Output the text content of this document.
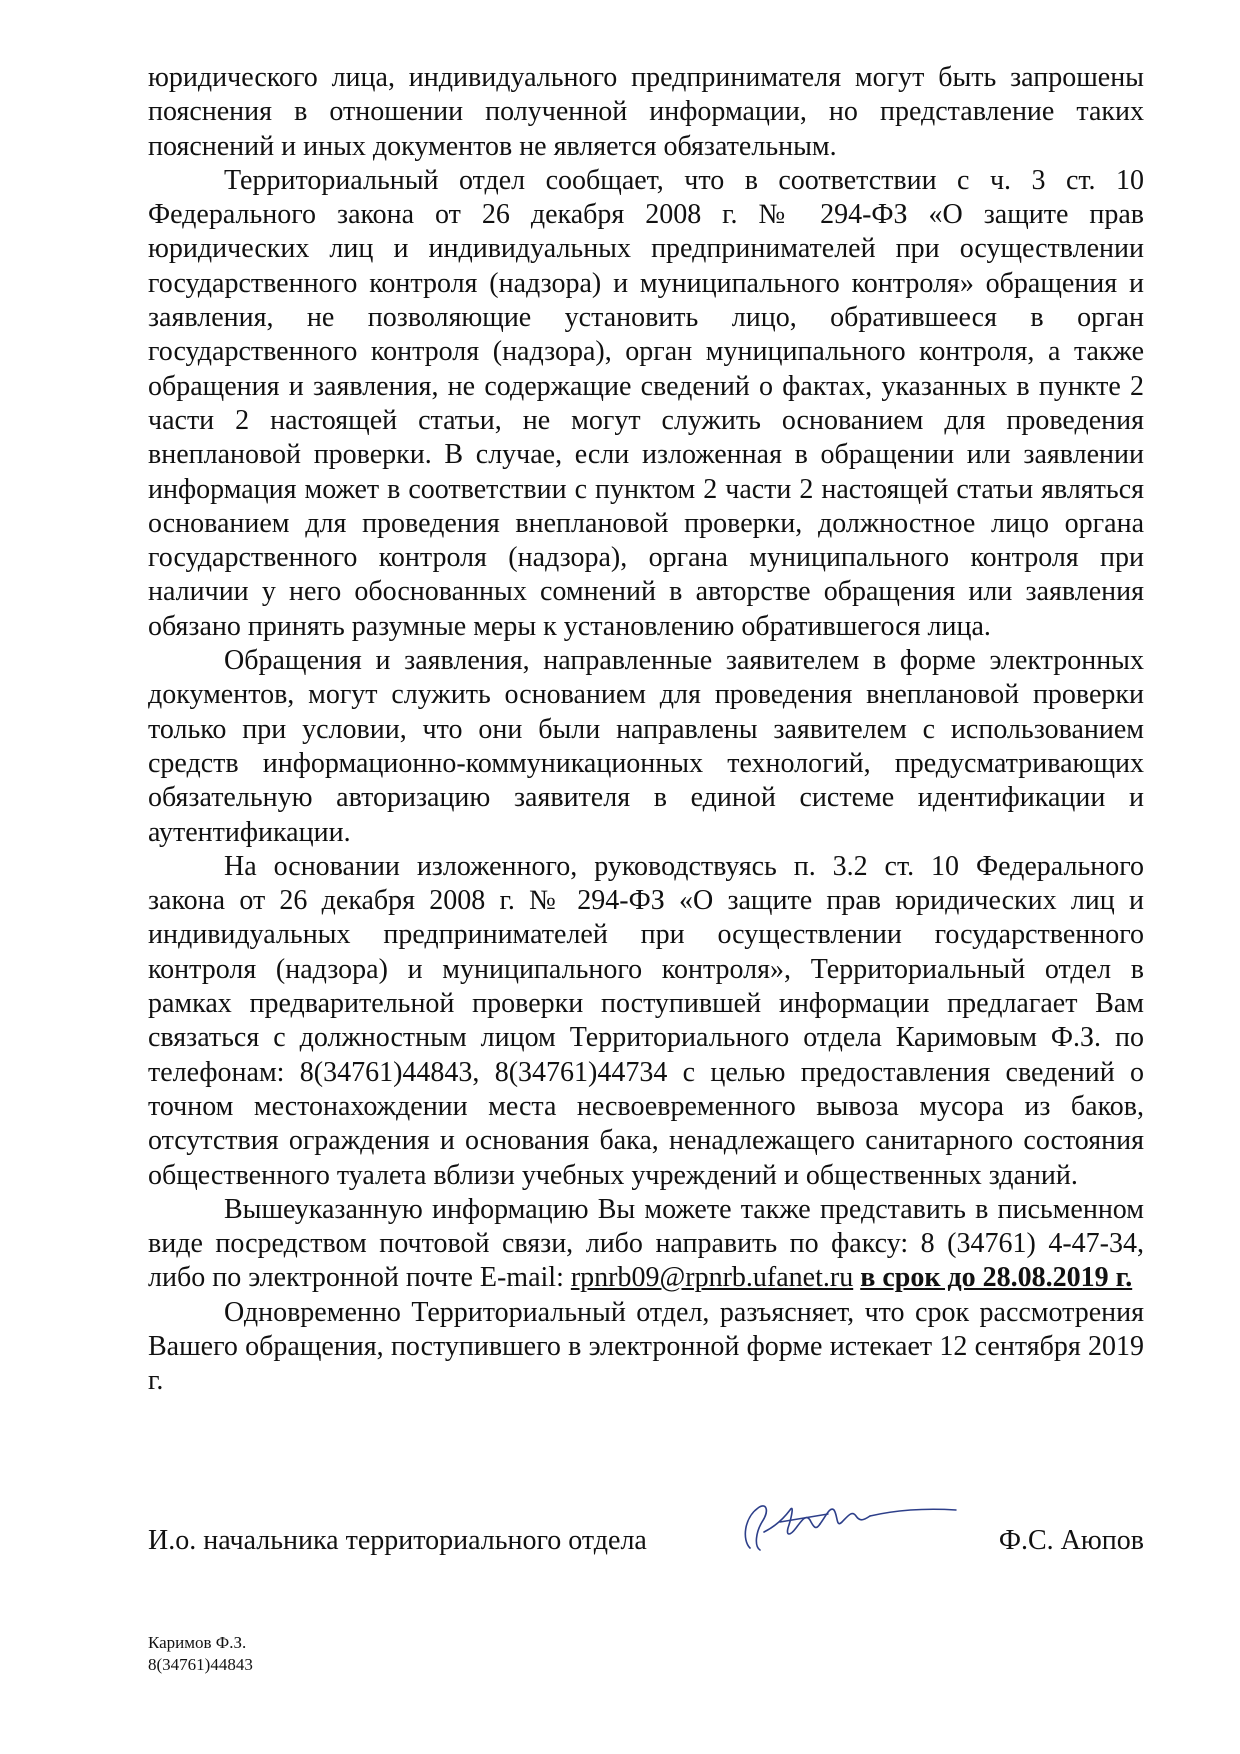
юридического лица, индивидуального предпринимателя могут быть запрошены пояснения в отношении полученной информации, но представление таких пояснений и иных документов не является обязательным.

Территориальный отдел сообщает, что в соответствии с ч. 3 ст. 10 Федерального закона от 26 декабря 2008 г. № 294-ФЗ «О защите прав юридических лиц и индивидуальных предпринимателей при осуществлении государственного контроля (надзора) и муниципального контроля» обращения и заявления, не позволяющие установить лицо, обратившееся в орган государственного контроля (надзора), орган муниципального контроля, а также обращения и заявления, не содержащие сведений о фактах, указанных в пункте 2 части 2 настоящей статьи, не могут служить основанием для проведения внеплановой проверки. В случае, если изложенная в обращении или заявлении информация может в соответствии с пунктом 2 части 2 настоящей статьи являться основанием для проведения внеплановой проверки, должностное лицо органа государственного контроля (надзора), органа муниципального контроля при наличии у него обоснованных сомнений в авторстве обращения или заявления обязано принять разумные меры к установлению обратившегося лица.

Обращения и заявления, направленные заявителем в форме электронных документов, могут служить основанием для проведения внеплановой проверки только при условии, что они были направлены заявителем с использованием средств информационно-коммуникационных технологий, предусматривающих обязательную авторизацию заявителя в единой системе идентификации и аутентификации.

На основании изложенного, руководствуясь п. 3.2 ст. 10 Федерального закона от 26 декабря 2008 г. № 294-ФЗ «О защите прав юридических лиц и индивидуальных предпринимателей при осуществлении государственного контроля (надзора) и муниципального контроля», Территориальный отдел в рамках предварительной проверки поступившей информации предлагает Вам связаться с должностным лицом Территориального отдела Каримовым Ф.З. по телефонам: 8(34761)44843, 8(34761)44734 с целью предоставления сведений о точном местонахождении места несвоевременного вывоза мусора из баков, отсутствия ограждения и основания бака, ненадлежащего санитарного состояния общественного туалета вблизи учебных учреждений и общественных зданий.

Вышеуказанную информацию Вы можете также представить в письменном виде посредством почтовой связи, либо направить по факсу: 8 (34761) 4-47-34, либо по электронной почте E-mail: rpnrb09@rpnrb.ufanet.ru в срок до 28.08.2019 г.

Одновременно Территориальный отдел, разъясняет, что срок рассмотрения Вашего обращения, поступившего в электронной форме истекает 12 сентября 2019 г.

И.о. начальника территориального отдела	Ф.С. Аюпов
Каримов Ф.З.
8(34761)44843
